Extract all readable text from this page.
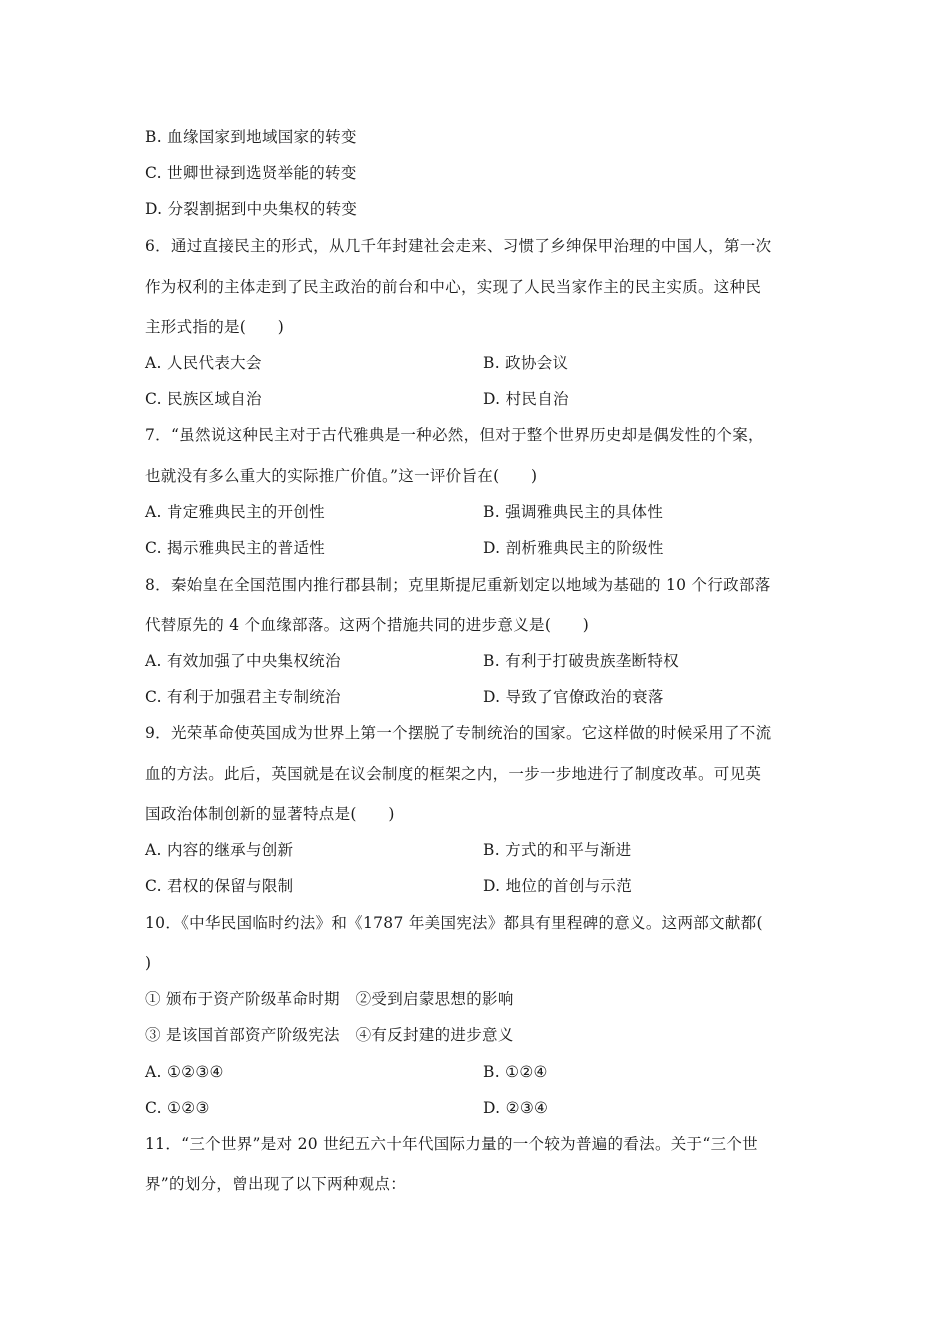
B. 血缘国家到地域国家的转变
C. 世卿世禄到选贤举能的转变
D. 分裂割据到中央集权的转变
6．通过直接民主的形式，从几千年封建社会走来、习惯了乡绅保甲治理的中国人，第一次
作为权利的主体走到了民主政治的前台和中心，实现了人民当家作主的民主实质。这种民
主形式指的是(　　)
A. 人民代表大会	B. 政协会议
C. 民族区域自治	D. 村民自治
7．“虽然说这种民主对于古代雅典是一种必然，但对于整个世界历史却是偶发性的个案，
也就没有多么重大的实际推广价值。”这一评价旨在(　　)
A. 肯定雅典民主的开创性	B. 强调雅典民主的具体性
C. 揭示雅典民主的普适性	D. 剖析雅典民主的阶级性
8．秦始皇在全国范围内推行郡县制；克里斯提尼重新划定以地域为基础的 10 个行政部落
代替原先的 4 个血缘部落。这两个措施共同的进步意义是(　　)
A. 有效加强了中央集权统治	B. 有利于打破贵族垄断特权
C. 有利于加强君主专制统治	D. 导致了官僚政治的衰落
9．光荣革命使英国成为世界上第一个摆脱了专制统治的国家。它这样做的时候采用了不流
血的方法。此后，英国就是在议会制度的框架之内，一步一步地进行了制度改革。可见英
国政治体制创新的显著特点是(　　)
A. 内容的继承与创新	B. 方式的和平与渐进
C. 君权的保留与限制	D. 地位的首创与示范
10．《中华民国临时约法》和《1787 年美国宪法》都具有里程碑的意义。这两部文献都(
)
① 颁布于资产阶级革命时期　②受到启蒙思想的影响
③ 是该国首部资产阶级宪法　④有反封建的进步意义
A. ①②③④	B. ①②④
C. ①②③	D. ②③④
11．“三个世界”是对 20 世纪五六十年代国际力量的一个较为普遍的看法。关于“三个世
界”的划分，曾出现了以下两种观点：
